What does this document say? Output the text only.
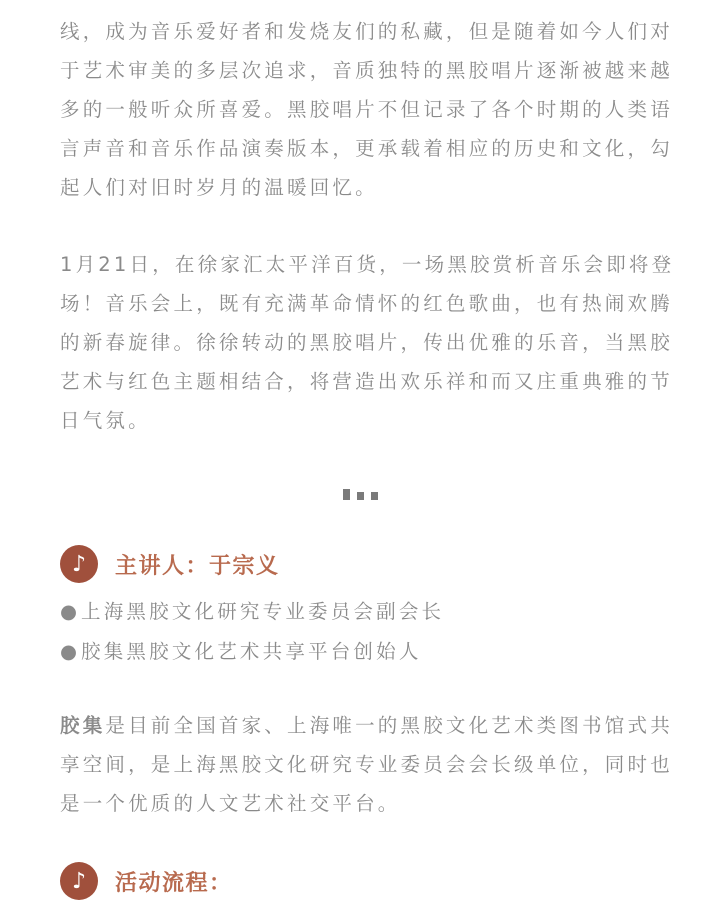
线，成为音乐爱好者和发烧友们的私藏，但是随着如今人们对
于艺术审美的多层次追求，音质独特的黑胶唱片逐渐被越来越
多的一般听众所喜爱。黑胶唱片不但记录了各个时期的人类语
言声音和音乐作品演奏版本，更承载着相应的历史和文化，勾
起人们对旧时岁月的温暖回忆。
1月21日，在徐家汇太平洋百货，一场黑胶赏析音乐会即将登
场！音乐会上，既有充满革命情怀的红色歌曲，也有热闹欢腾
的新春旋律。徐徐转动的黑胶唱片，传出优雅的乐音，当黑胶
艺术与红色主题相结合，将营造出欢乐祥和而又庄重典雅的节
日气氛。
♪	主讲人：于宗义
● 上海黑胶文化研究专业委员会副会长
● 胶集黑胶文化艺术共享平台创始人
胶集是目前全国首家、上海唯一的黑胶文化艺术类图书馆式共
享空间，是上海黑胶文化研究专业委员会会长级单位，同时也
是一个优质的人文艺术社交平台。
♪	活动流程：
